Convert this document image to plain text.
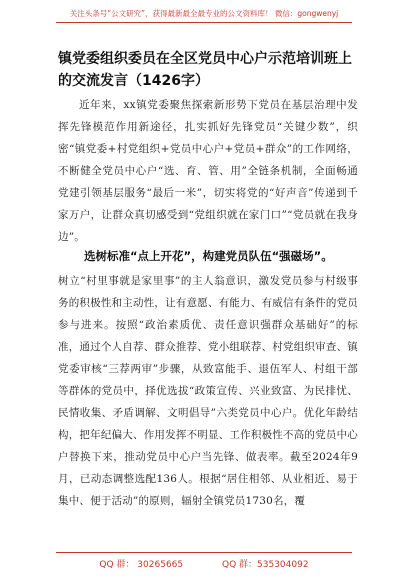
关注头条号“公文研究”，获得最新最全最专业的公文资料库！ 微信：gongwenyj
镇党委组织委员在全区党员中心户示范培训班上的交流发言（1426字）
近年来，xx镇党委聚焦探索新形势下党员在基层治理中发挥先锋模范作用新途径，扎实抓好先锋党员“关键少数”，织密“镇党委+村党组织+党员中心户+党员+群众”的工作网络，不断健全党员中心户“选、育、管、用”全链条机制，全面畅通党建引领基层服务“最后一米”，切实将党的“好声音”传递到千家万户，让群众真切感受到“党组织就在家门口”“党员就在我身边”。
选树标准“点上开花”，构建党员队伍“强磁场”。
树立“村里事就是家里事”的主人翁意识，激发党员参与村级事务的积极性和主动性，让有意愿、有能力、有威信有条件的党员参与进来。按照“政治素质优、责任意识强群众基础好”的标准，通过个人自荐、群众推荐、党小组联荐、村党组织审查、镇党委审核“三荐两审”步骤，从致富能手、退伍军人、村组干部等群体的党员中，择优选拔“政策宣传、兴业致富、为民排忧、民情收集、矛盾调解、文明倡导”六类党员中心户。优化年龄结构，把年纪偏大、作用发挥不明显、工作积极性不高的党员中心户替换下来，推动党员中心户当先锋、做表率。截至2024年9月，已动态调整选配136人。根据“居住相邻、从业相近、易于集中、便于活动”的原则，辐射全镇党员1730名，覆
QQ 群： 30265665	QQ 群：535304092
